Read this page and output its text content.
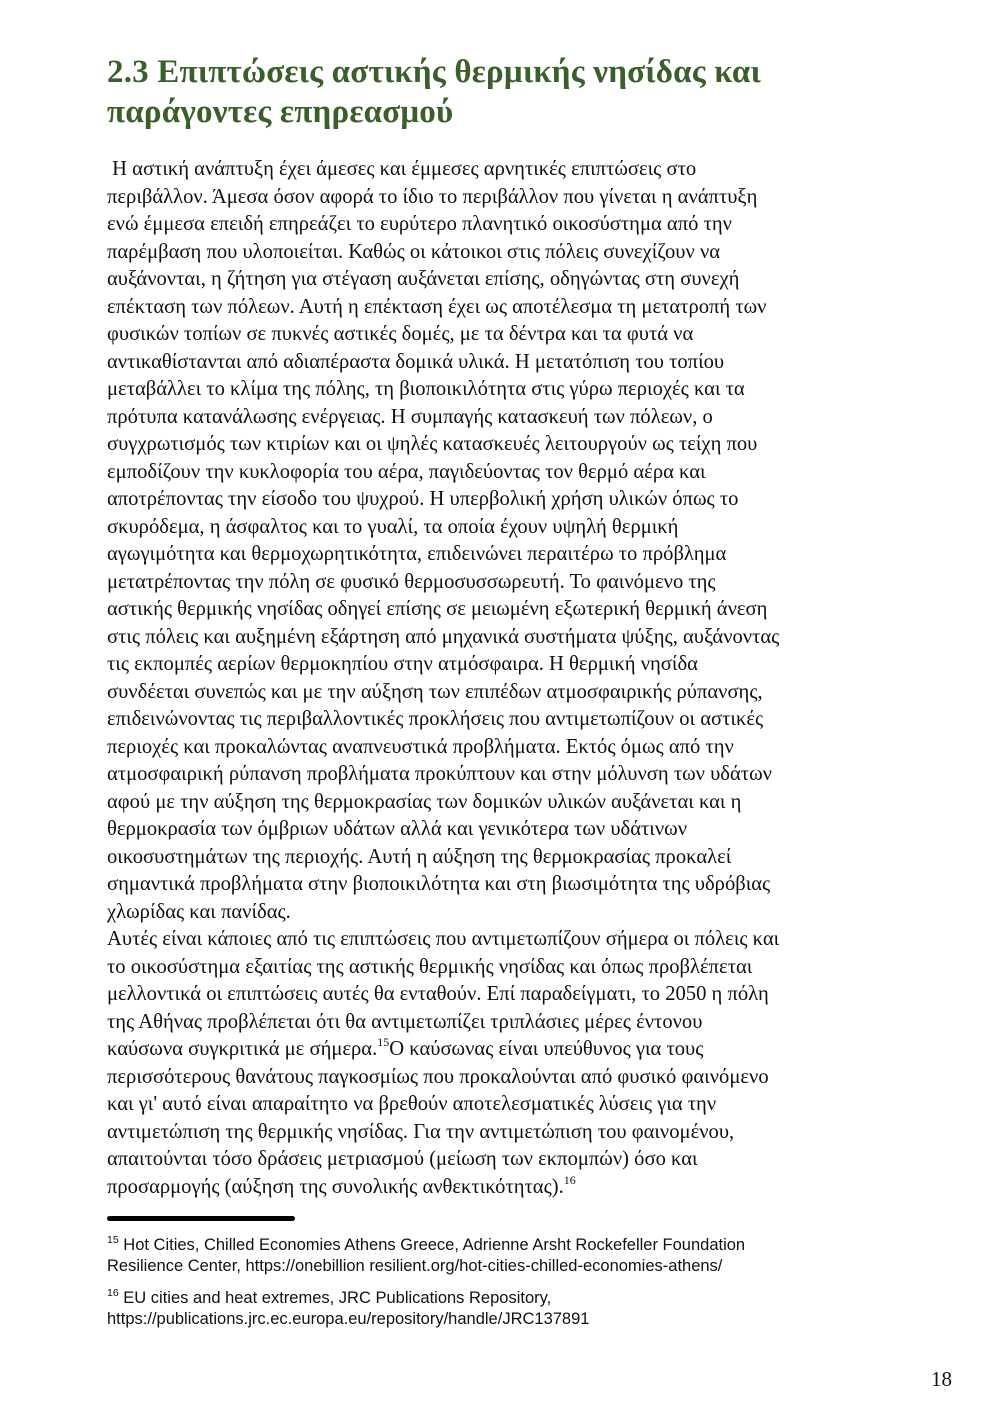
2.3 Επιπτώσεις αστικής θερμικής νησίδας και
παράγοντες επηρεασμού
Η αστική ανάπτυξη έχει άμεσες και έμμεσες αρνητικές επιπτώσεις στο
περιβάλλον. Άμεσα όσον αφορά το ίδιο το περιβάλλον που γίνεται η ανάπτυξη
ενώ έμμεσα επειδή επηρεάζει το ευρύτερο πλανητικό οικοσύστημα από την
παρέμβαση που υλοποιείται. Καθώς οι κάτοικοι στις πόλεις συνεχίζουν να
αυξάνονται, η ζήτηση για στέγαση αυξάνεται επίσης, οδηγώντας στη συνεχή
επέκταση των πόλεων. Αυτή η επέκταση έχει ως αποτέλεσμα τη μετατροπή των
φυσικών τοπίων σε πυκνές αστικές δομές, με τα δέντρα και τα φυτά να
αντικαθίστανται από αδιαπέραστα δομικά υλικά. Η μετατόπιση του τοπίου
μεταβάλλει το κλίμα της πόλης, τη βιοποικιλότητα στις γύρω περιοχές και τα
πρότυπα κατανάλωσης ενέργειας. Η συμπαγής κατασκευή των πόλεων, ο
συγχρωτισμός των κτιρίων και οι ψηλές κατασκευές λειτουργούν ως τείχη που
εμποδίζουν την κυκλοφορία του αέρα, παγιδεύοντας τον θερμό αέρα και
αποτρέποντας την είσοδο του ψυχρού. Η υπερβολική χρήση υλικών όπως το
σκυρόδεμα, η άσφαλτος και το γυαλί, τα οποία έχουν υψηλή θερμική
αγωγιμότητα και θερμοχωρητικότητα, επιδεινώνει περαιτέρω το πρόβλημα
μετατρέποντας την πόλη σε φυσικό θερμοσυσσωρευτή. Το φαινόμενο της
αστικής θερμικής νησίδας οδηγεί επίσης σε μειωμένη εξωτερική θερμική άνεση
στις πόλεις και αυξημένη εξάρτηση από μηχανικά συστήματα ψύξης, αυξάνοντας
τις εκπομπές αερίων θερμοκηπίου στην ατμόσφαιρα. Η θερμική νησίδα
συνδέεται συνεπώς και με την αύξηση των επιπέδων ατμοσφαιρικής ρύπανσης,
επιδεινώνοντας τις περιβαλλοντικές προκλήσεις που αντιμετωπίζουν οι αστικές
περιοχές και προκαλώντας αναπνευστικά προβλήματα. Εκτός όμως από την
ατμοσφαιρική ρύπανση προβλήματα προκύπτουν και στην μόλυνση των υδάτων
αφού με την αύξηση της θερμοκρασίας των δομικών υλικών αυξάνεται και η
θερμοκρασία των όμβριων υδάτων αλλά και γενικότερα των υδάτινων
οικοσυστημάτων της περιοχής. Αυτή η αύξηση της θερμοκρασίας προκαλεί
σημαντικά προβλήματα στην βιοποικιλότητα και στη βιωσιμότητα της υδρόβιας
χλωρίδας και πανίδας.
Αυτές είναι κάποιες από τις επιπτώσεις που αντιμετωπίζουν σήμερα οι πόλεις και
το οικοσύστημα εξαιτίας της αστικής θερμικής νησίδας και όπως προβλέπεται
μελλοντικά οι επιπτώσεις αυτές θα ενταθούν. Επί παραδείγματι, το 2050 η πόλη
της Αθήνας προβλέπεται ότι θα αντιμετωπίζει τριπλάσιες μέρες έντονου
καύσωνα συγκριτικά με σήμερα.$^{15}$Ο καύσωνας είναι υπεύθυνος για τους
περισσότερους θανάτους παγκοσμίως που προκαλούνται από φυσικό φαινόμενο
και γι' αυτό είναι απαραίτητο να βρεθούν αποτελεσματικές λύσεις για την
αντιμετώπιση της θερμικής νησίδας. Για την αντιμετώπιση του φαινομένου,
απαιτούνται τόσο δράσεις μετριασμού (μείωση των εκπομπών) όσο και
προσαρμογής (αύξηση της συνολικής ανθεκτικότητας).$^{16}$
$^{15}$ Hot Cities, Chilled Economies Athens Greece, Adrienne Arsht Rockefeller Foundation
Resilience Center, https://onebillion resilient.org/hot-cities-chilled-economies-athens/
$^{16}$ EU cities and heat extremes, JRC Publications Repository,
https://publications.jrc.ec.europa.eu/repository/handle/JRC137891
18
